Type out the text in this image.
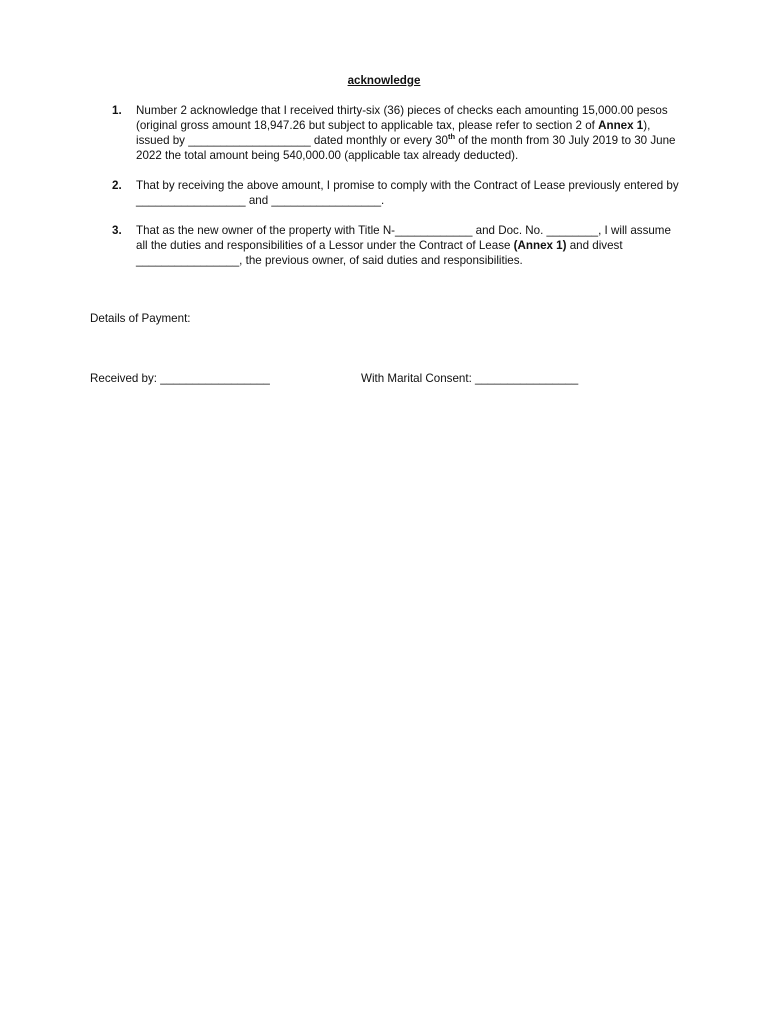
acknowledge
1. Number 2 acknowledge that I received thirty-six (36) pieces of checks each amounting 15,000.00 pesos (original gross amount 18,947.26 but subject to applicable tax, please refer to section 2 of Annex 1), issued by ___________________ dated monthly or every 30th of the month from 30 July 2019 to 30 June 2022 the total amount being 540,000.00 (applicable tax already deducted).
2. That by receiving the above amount, I promise to comply with the Contract of Lease previously entered by _________________ and _________________.
3. That as the new owner of the property with Title N-____________ and Doc. No. ________, I will assume all the duties and responsibilities of a Lessor under the Contract of Lease (Annex 1) and divest ________________, the previous owner, of said duties and responsibilities.
Details of Payment:
Received by: _________________	With Marital Consent: ________________
